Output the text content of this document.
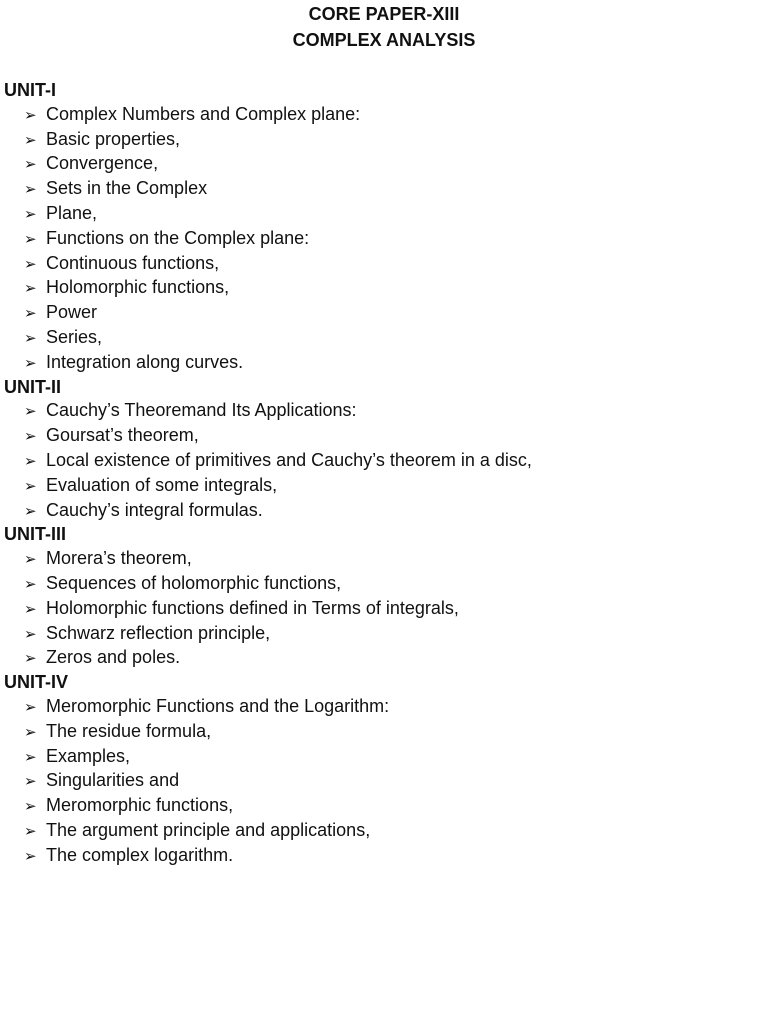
CORE PAPER-XIII

COMPLEX ANALYSIS

UNIT-I
➢ Complex Numbers and Complex plane:
➢ Basic properties,
➢ Convergence,
➢ Sets in the Complex
➢ Plane,
➢ Functions on the Complex plane:
➢ Continuous functions,
➢ Holomorphic functions,
➢ Power
➢ Series,
➢ Integration along curves.
UNIT-II
➢ Cauchy’s Theoremand Its Applications:
➢ Goursat’s theorem,
➢ Local existence of primitives and Cauchy’s theorem in a disc,
➢ Evaluation of some integrals,
➢ Cauchy’s integral formulas.
UNIT-III
➢ Morera’s theorem,
➢ Sequences of holomorphic functions,
➢ Holomorphic functions defined in Terms of integrals,
➢ Schwarz reflection principle,
➢ Zeros and poles.
UNIT-IV
➢ Meromorphic Functions and the Logarithm:
➢ The residue formula,
➢ Examples,
➢ Singularities and
➢ Meromorphic functions,
➢ The argument principle and applications,
➢ The complex logarithm.
